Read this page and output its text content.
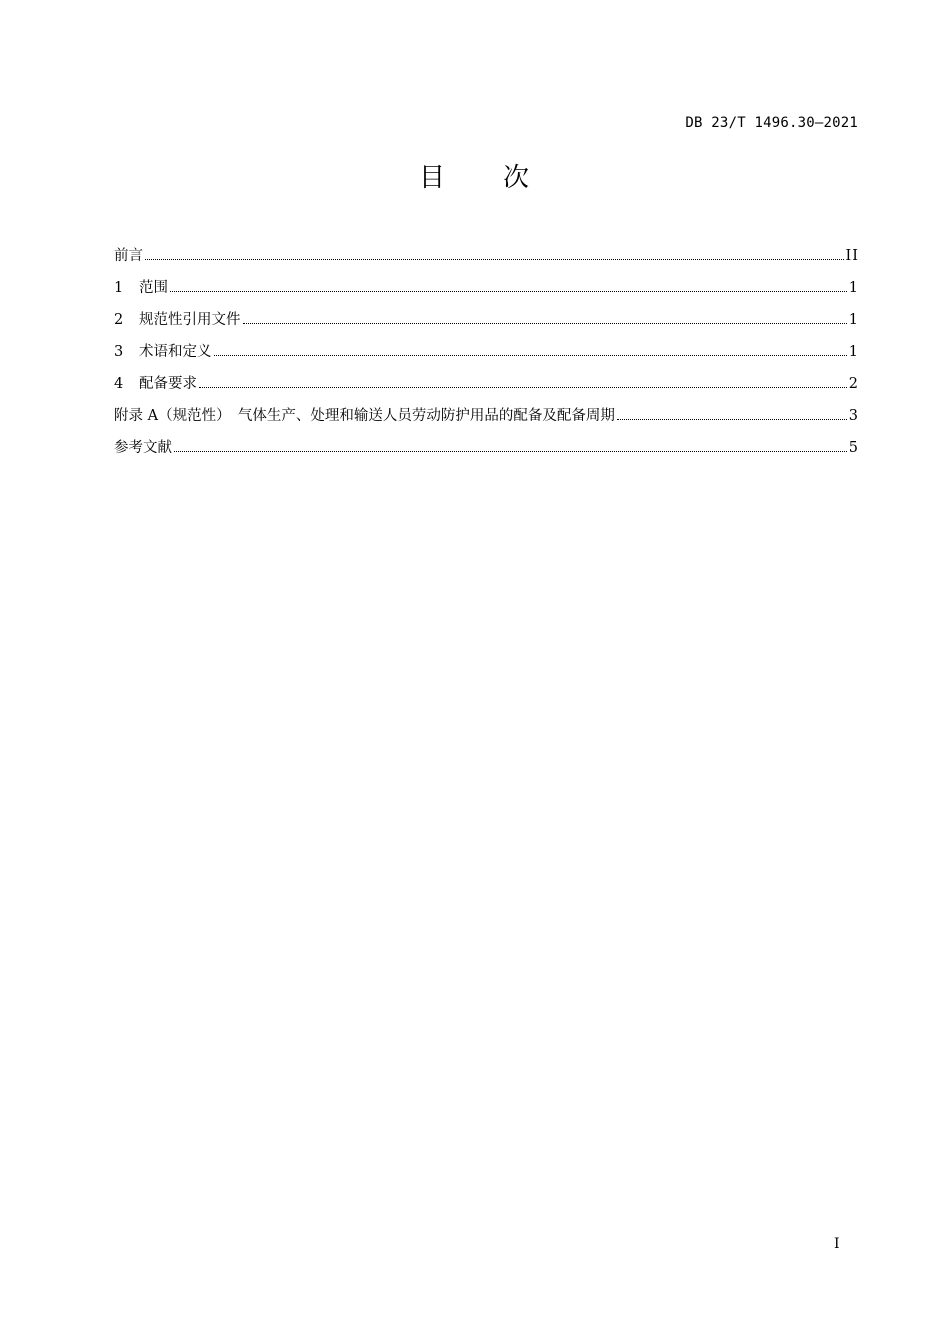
DB 23/T 1496.30—2021
目　　次
前言	II
1	范围	1
2	规范性引用文件	1
3	术语和定义	1
4	配备要求	2
附录 A（规范性）　气体生产、处理和输送人员劳动防护用品的配备及配备周期	3
参考文献	5
I
